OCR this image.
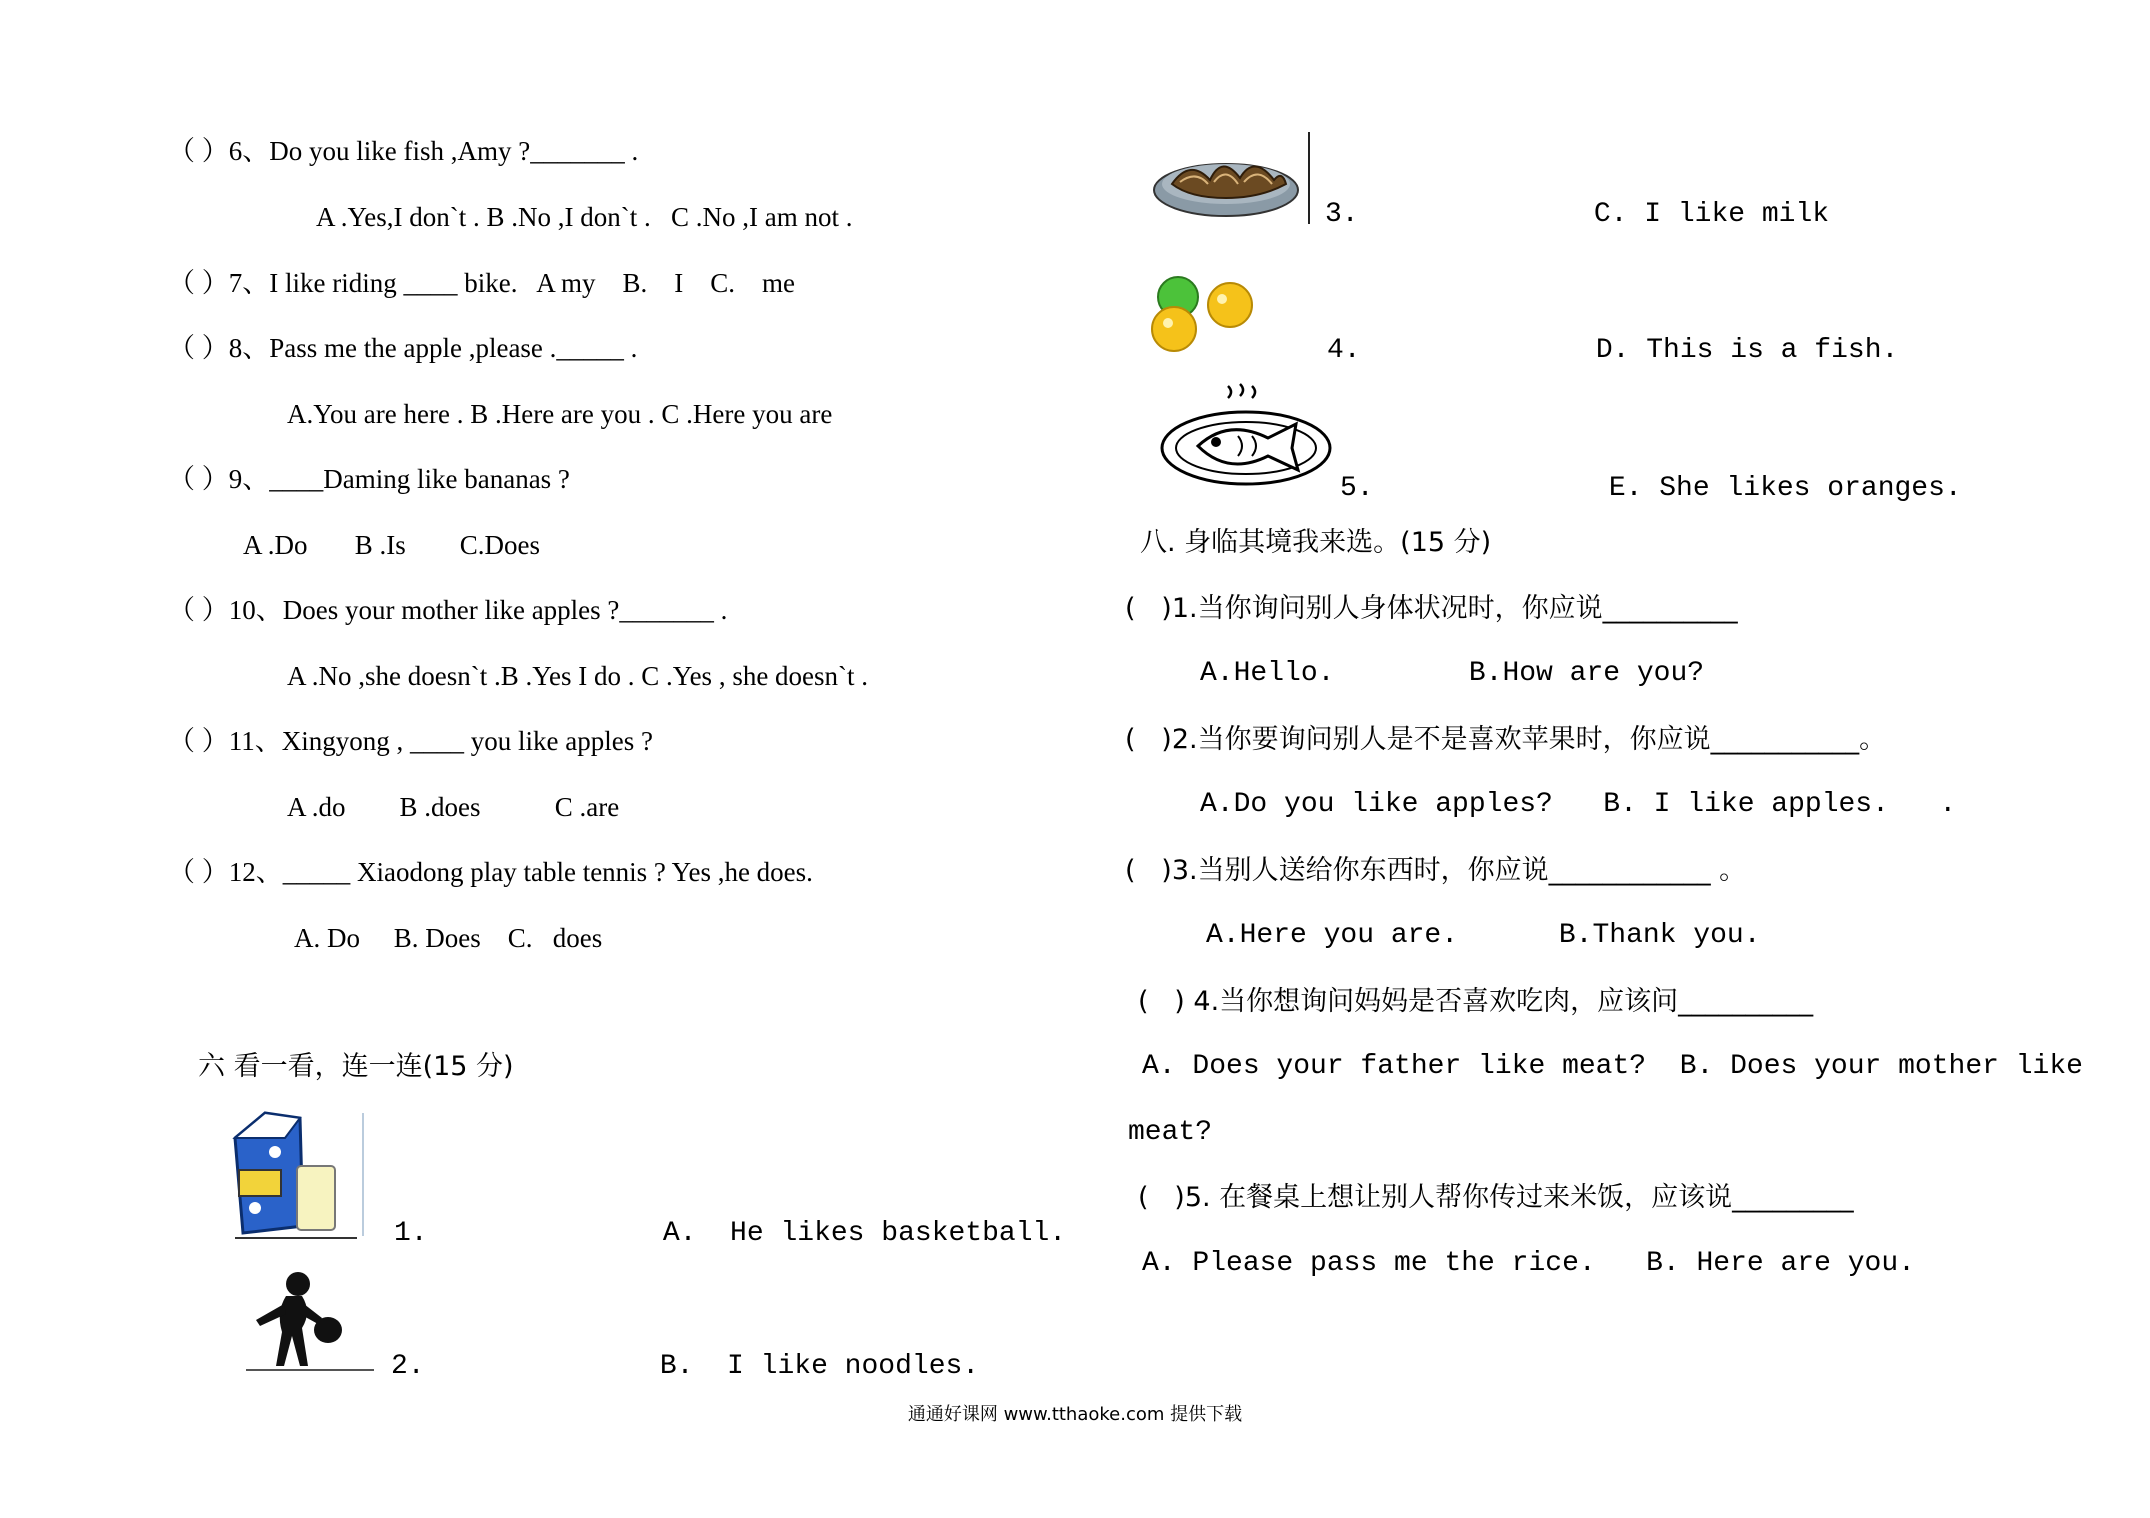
（ ）6、Do you like fish ,Amy ?_______ .
A .Yes,I don`t . B .No ,I don`t .   C .No ,I am not .
（ ）7、I like riding ____ bike.   A my    B.    I    C.    me
（ ）8、Pass me the apple ,please ._____ .
A.You are here . B .Here are you . C .Here you are
（ ）9、____Daming like bananas ?
A .Do       B .Is        C.Does
（ ）10、Does your mother like apples ?_______ .
A .No ,she doesn`t .B .Yes I do . C .Yes , she doesn`t .
（ ）11、Xingyong , ____ you like apples ?
A .do        B .does           C .are
（ ）12、_____ Xiaodong play table tennis ? Yes ,he does.
A. Do     B. Does    C.   does
六 看一看，连一连(15 分)
1.              A.  He likes basketball.
2.              B.  I like noodles.
3.              C. I like milk
4.              D. This is a fish.
5.              E. She likes oranges.
八. 身临其境我来选。(15 分)
(   )1.当你询问别人身体状况时，你应说__________
A.Hello.        B.How are you?
(   )2.当你要询问别人是不是喜欢苹果时，你应说___________。
A.Do you like apples?   B. I like apples.   .
(   )3.当别人送给你东西时，你应说____________ 。
A.Here you are.      B.Thank you.
(   ) 4.当你想询问妈妈是否喜欢吃肉，应该问__________
A. Does your father like meat?  B. Does your mother like
meat?
(   )5. 在餐桌上想让别人帮你传过来米饭，应该说_________
A. Please pass me the rice.   B. Here are you.
通通好课网 www.tthaoke.com 提供下载
